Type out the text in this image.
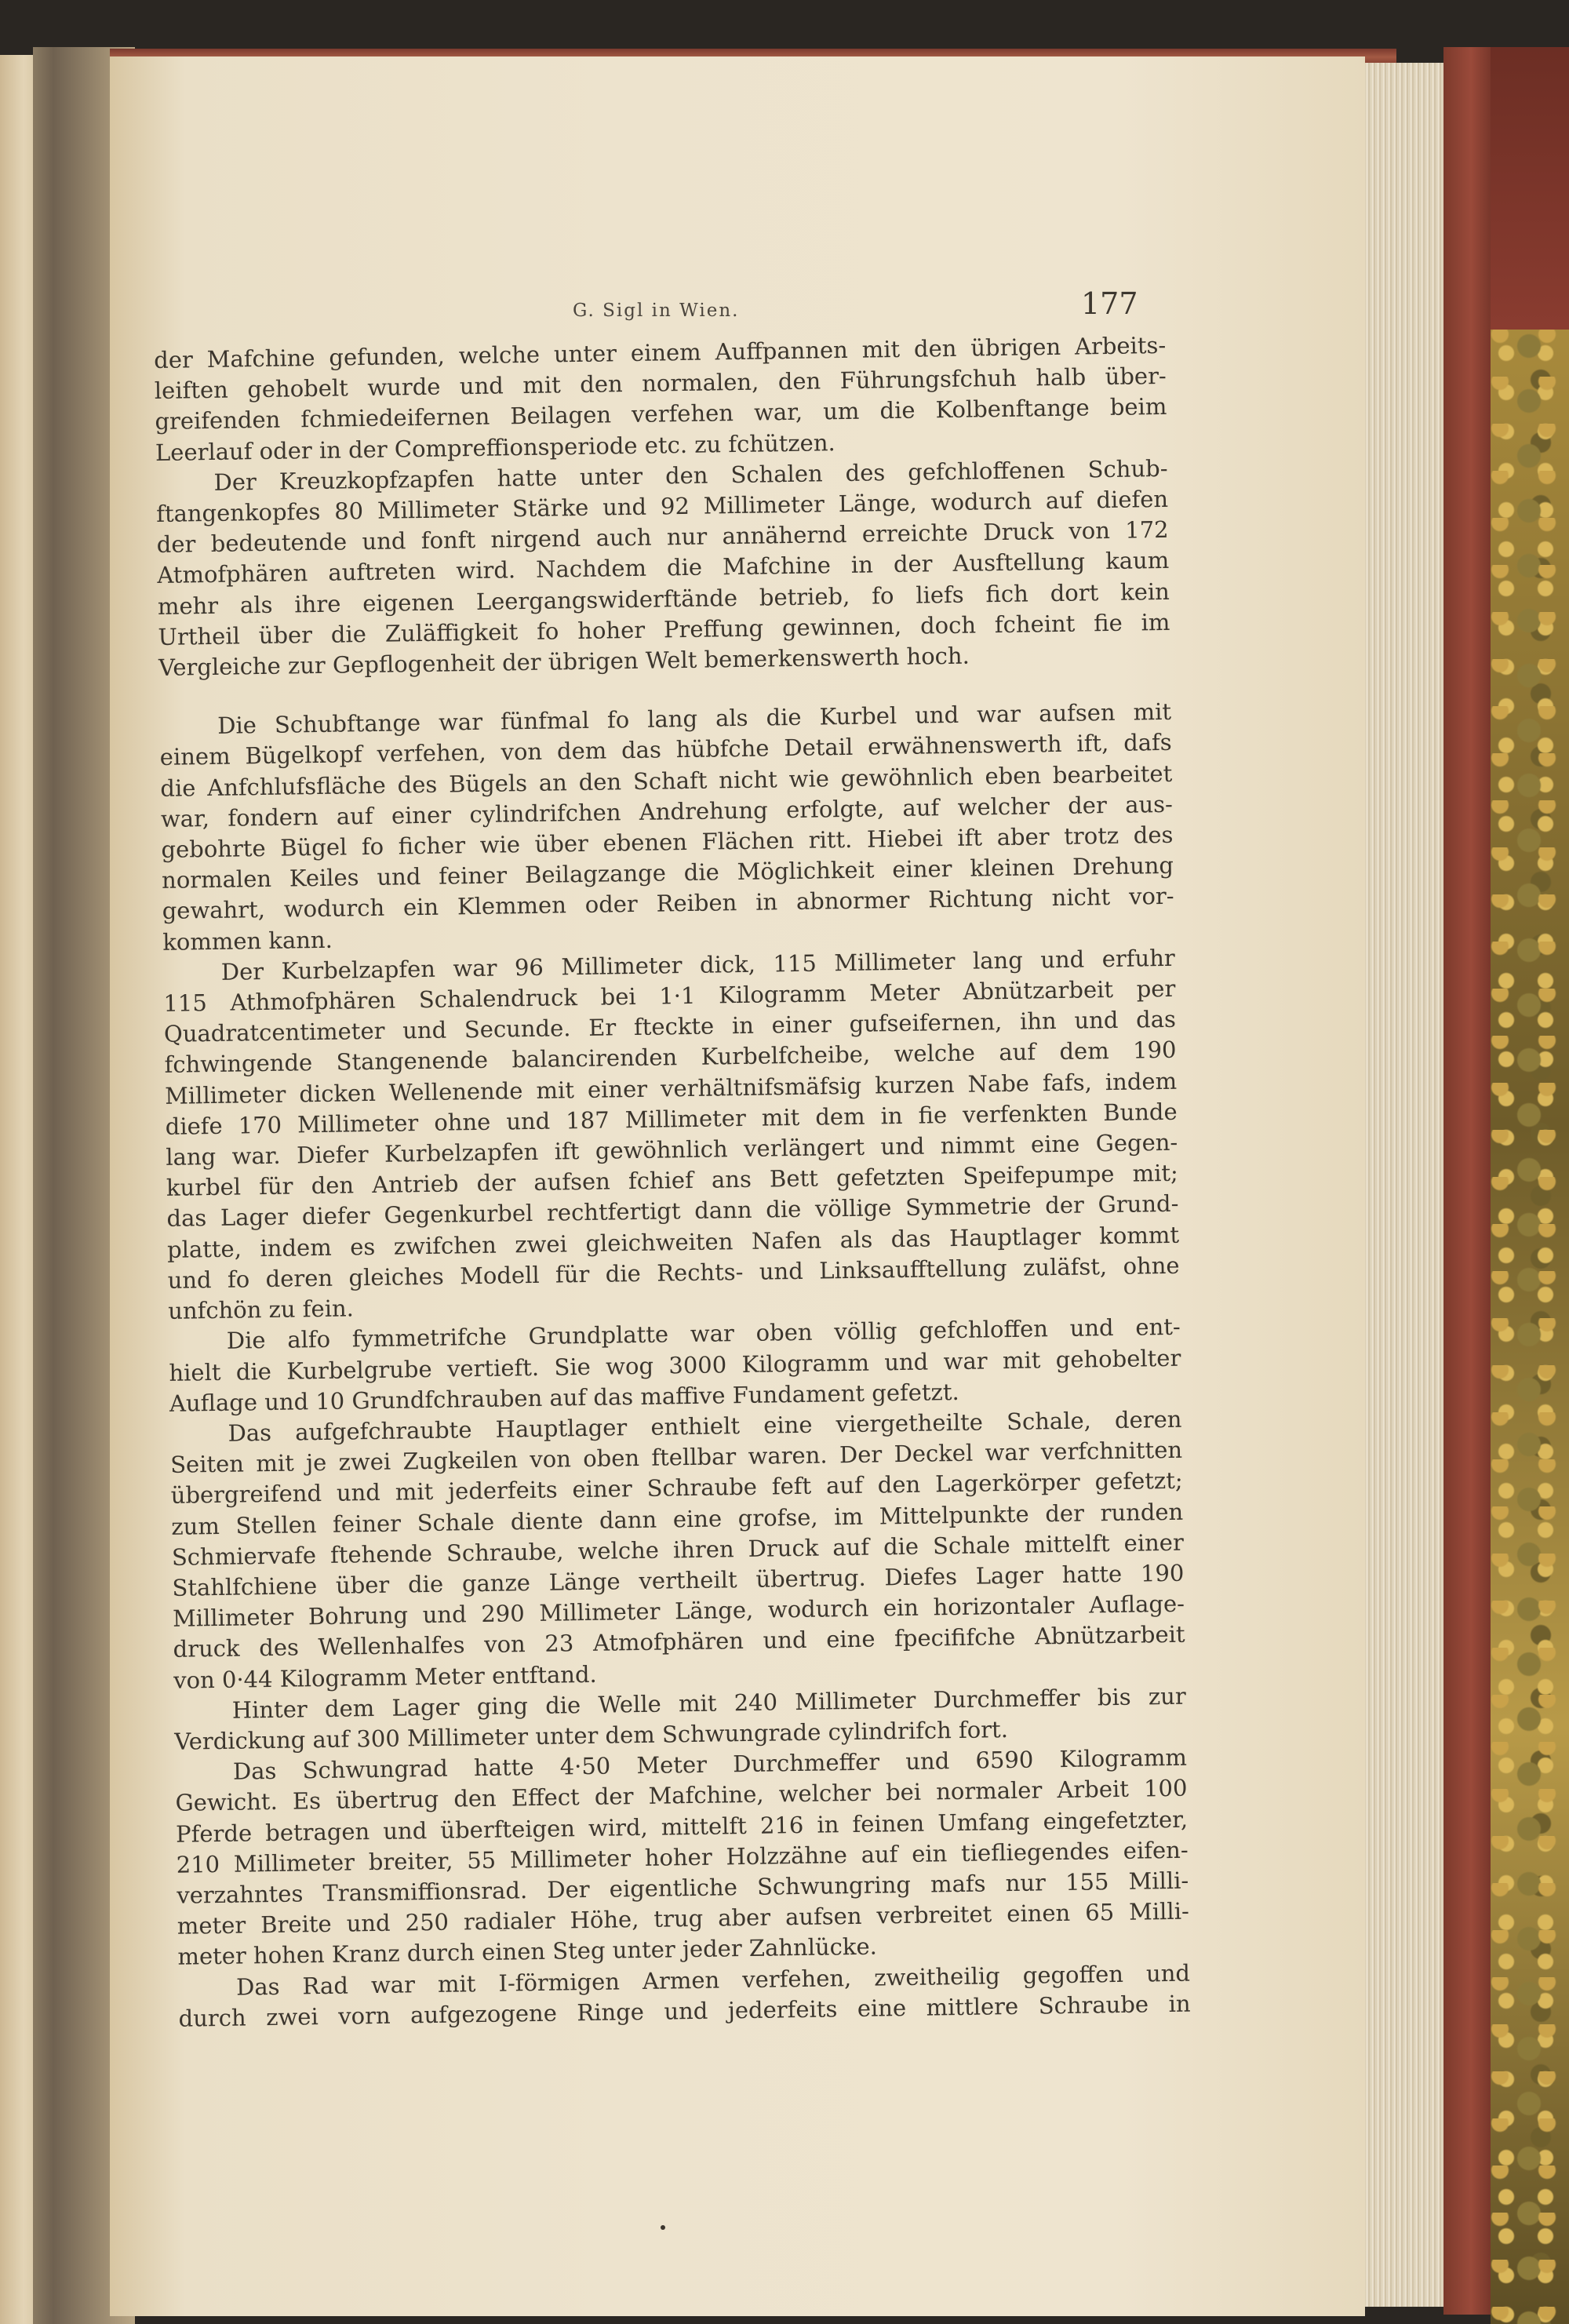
G. Sigl in Wien.	177
der Mafchine gefunden, welche unter einem Auffpannen mit den übrigen Arbeits-
leiften gehobelt wurde und mit den normalen, den Führungsfchuh halb über-
greifenden fchmiedeifernen Beilagen verfehen war, um die Kolbenftange beim
Leerlauf oder in der Compreffionsperiode etc. zu fchützen.
Der Kreuzkopfzapfen hatte unter den Schalen des gefchloffenen Schub-
ftangenkopfes 80 Millimeter Stärke und 92 Millimeter Länge, wodurch auf diefen
der bedeutende und fonft nirgend auch nur annähernd erreichte Druck von 172
Atmofphären auftreten wird. Nachdem die Mafchine in der Ausftellung kaum
mehr als ihre eigenen Leergangswiderftände betrieb, fo liefs fich dort kein
Urtheil über die Zuläffigkeit fo hoher Preffung gewinnen, doch fcheint fie im
Vergleiche zur Gepflogenheit der übrigen Welt bemerkenswerth hoch.
Die Schubftange war fünfmal fo lang als die Kurbel und war aufsen mit
einem Bügelkopf verfehen, von dem das hübfche Detail erwähnenswerth ift, dafs
die Anfchlufsfläche des Bügels an den Schaft nicht wie gewöhnlich eben bearbeitet
war, fondern auf einer cylindrifchen Andrehung erfolgte, auf welcher der aus-
gebohrte Bügel fo ficher wie über ebenen Flächen ritt. Hiebei ift aber trotz des
normalen Keiles und feiner Beilagzange die Möglichkeit einer kleinen Drehung
gewahrt, wodurch ein Klemmen oder Reiben in abnormer Richtung nicht vor-
kommen kann.
Der Kurbelzapfen war 96 Millimeter dick, 115 Millimeter lang und erfuhr
115 Athmofphären Schalendruck bei 1·1 Kilogramm Meter Abnützarbeit per
Quadratcentimeter und Secunde. Er fteckte in einer gufseifernen, ihn und das
fchwingende Stangenende balancirenden Kurbelfcheibe, welche auf dem 190
Millimeter dicken Wellenende mit einer verhältnifsmäfsig kurzen Nabe fafs, indem
diefe 170 Millimeter ohne und 187 Millimeter mit dem in fie verfenkten Bunde
lang war. Diefer Kurbelzapfen ift gewöhnlich verlängert und nimmt eine Gegen-
kurbel für den Antrieb der aufsen fchief ans Bett gefetzten Speifepumpe mit;
das Lager diefer Gegenkurbel rechtfertigt dann die völlige Symmetrie der Grund-
platte, indem es zwifchen zwei gleichweiten Nafen als das Hauptlager kommt
und fo deren gleiches Modell für die Rechts- und Linksaufftellung zuläfst, ohne
unfchön zu fein.
Die alfo fymmetrifche Grundplatte war oben völlig gefchloffen und ent-
hielt die Kurbelgrube vertieft. Sie wog 3000 Kilogramm und war mit gehobelter
Auflage und 10 Grundfchrauben auf das maffive Fundament gefetzt.
Das aufgefchraubte Hauptlager enthielt eine viergetheilte Schale, deren
Seiten mit je zwei Zugkeilen von oben ftellbar waren. Der Deckel war verfchnitten
übergreifend und mit jederfeits einer Schraube feft auf den Lagerkörper gefetzt;
zum Stellen feiner Schale diente dann eine grofse, im Mittelpunkte der runden
Schmiervafe ftehende Schraube, welche ihren Druck auf die Schale mittelft einer
Stahlfchiene über die ganze Länge vertheilt übertrug. Diefes Lager hatte 190
Millimeter Bohrung und 290 Millimeter Länge, wodurch ein horizontaler Auflage-
druck des Wellenhalfes von 23 Atmofphären und eine fpecififche Abnützarbeit
von 0·44 Kilogramm Meter entftand.
Hinter dem Lager ging die Welle mit 240 Millimeter Durchmeffer bis zur
Verdickung auf 300 Millimeter unter dem Schwungrade cylindrifch fort.
Das Schwungrad hatte 4·50 Meter Durchmeffer und 6590 Kilogramm
Gewicht. Es übertrug den Effect der Mafchine, welcher bei normaler Arbeit 100
Pferde betragen und überfteigen wird, mittelft 216 in feinen Umfang eingefetzter,
210 Millimeter breiter, 55 Millimeter hoher Holzzähne auf ein tiefliegendes eifen-
verzahntes Transmiffionsrad. Der eigentliche Schwungring mafs nur 155 Milli-
meter Breite und 250 radialer Höhe, trug aber aufsen verbreitet einen 65 Milli-
meter hohen Kranz durch einen Steg unter jeder Zahnlücke.
Das Rad war mit I-förmigen Armen verfehen, zweitheilig gegoffen und
durch zwei vorn aufgezogene Ringe und jederfeits eine mittlere Schraube in
